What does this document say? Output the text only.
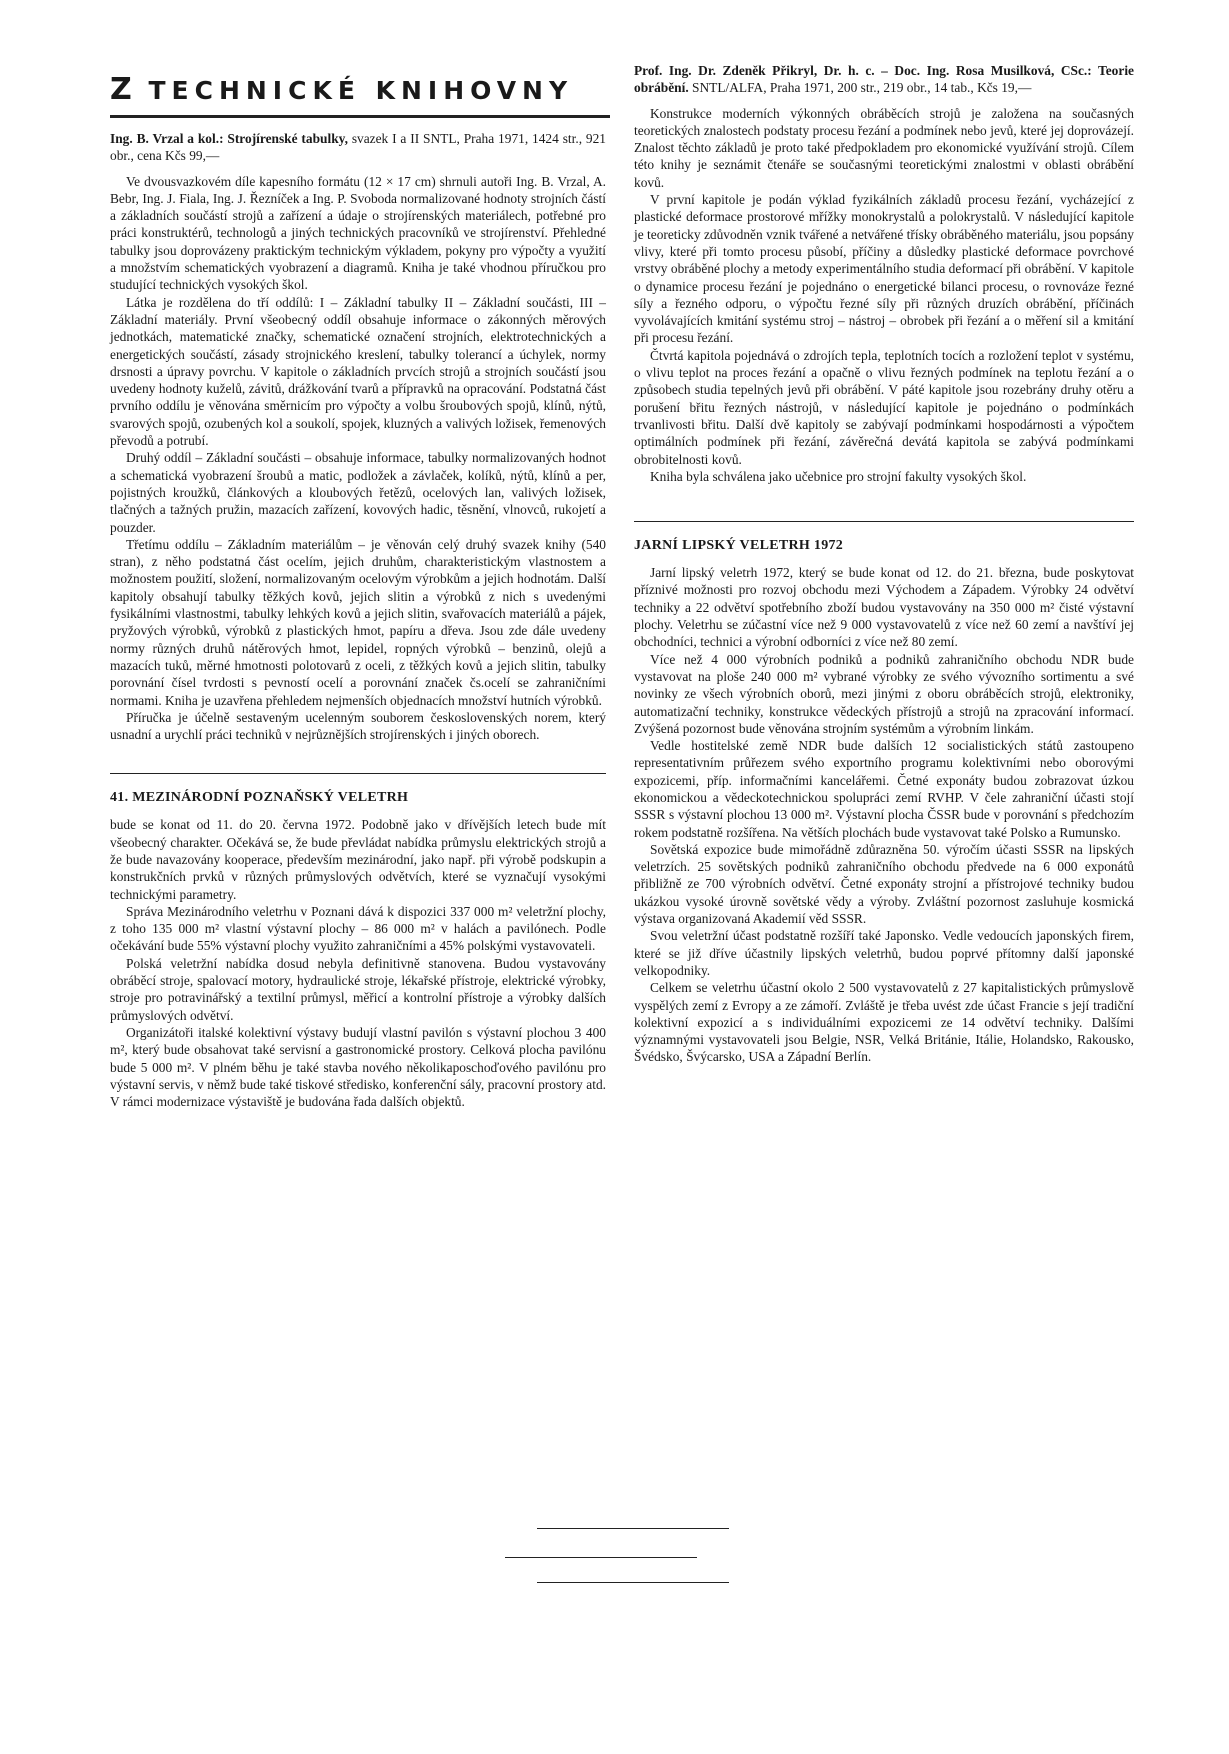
Z TECHNICKÉ KNIHOVNY

Ing. B. Vrzal a kol.: Strojírenské tabulky, svazek I a II SNTL, Praha 1971, 1424 str., 921 obr., cena Kčs 99,—

Ve dvousvazkovém díle kapesního formátu (12 × 17 cm) shrnuli autoři Ing. B. Vrzal, A. Bebr, Ing. J. Fiala, Ing. J. Řezníček a Ing. P. Svoboda normalizované hodnoty strojních částí a základních součástí strojů a zařízení a údaje o strojírenských materiálech, potřebné pro práci konstruktérů, technologů a jiných technických pracovníků ve strojírenství. Přehledné tabulky jsou doprovázeny praktickým technickým výkladem, pokyny pro výpočty a využití a množstvím schematických vyobrazení a diagramů. Kniha je také vhodnou příručkou pro studující technických vysokých škol.

Látka je rozdělena do tří oddílů: I – Základní tabulky II – Základní součásti, III – Základní materiály. První všeobecný oddíl obsahuje informace o zákonných měrových jednotkách, matematické značky, schematické označení strojních, elektrotechnických a energetických součástí, zásady strojnického kreslení, tabulky tolerancí a úchylek, normy drsnosti a úpravy povrchu. V kapitole o základních prvcích strojů a strojních součástí jsou uvedeny hodnoty kuželů, závitů, drážkování tvarů a přípravků na opracování. Podstatná část prvního oddílu je věnována směrnicím pro výpočty a volbu šroubových spojů, klínů, nýtů, svarových spojů, ozubených kol a soukolí, spojek, kluzných a valivých ložisek, řemenových převodů a potrubí.

Druhý oddíl – Základní součásti – obsahuje informace, tabulky normalizovaných hodnot a schematická vyobrazení šroubů a matic, podložek a závlaček, kolíků, nýtů, klínů a per, pojistných kroužků, článkových a kloubových řetězů, ocelových lan, valivých ložisek, tlačných a tažných pružin, mazacích zařízení, kovových hadic, těsnění, vlnovců, rukojetí a pouzder.

Třetímu oddílu – Základním materiálům – je věnován celý druhý svazek knihy (540 stran), z něho podstatná část ocelím, jejich druhům, charakteristickým vlastnostem a možnostem použití, složení, normalizovaným ocelovým výrobkům a jejich hodnotám. Další kapitoly obsahují tabulky těžkých kovů, jejich slitin a výrobků z nich s uvedenými fysikálními vlastnostmi, tabulky lehkých kovů a jejich slitin, svařovacích materiálů a pájek, pryžových výrobků, výrobků z plastických hmot, papíru a dřeva. Jsou zde dále uvedeny normy různých druhů nátěrových hmot, lepidel, ropných výrobků – benzinů, olejů a mazacích tuků, měrné hmotnosti polotovarů z oceli, z těžkých kovů a jejich slitin, tabulky porovnání čísel tvrdosti s pevností ocelí a porovnání značek čs.ocelí se zahraničními normami. Kniha je uzavřena přehledem nejmenších objednacích množství hutních výrobků.

Příručka je účelně sestaveným ucelenným souborem československých norem, který usnadní a urychlí práci techniků v nejrůznějších strojírenských i jiných oborech.

41. MEZINÁRODNÍ POZNAŇSKÝ VELETRH

bude se konat od 11. do 20. června 1972. Podobně jako v dřívějších letech bude mít všeobecný charakter. Očekává se, že bude převládat nabídka průmyslu elektrických strojů a že bude navazovány kooperace, především mezinárodní, jako např. při výrobě podskupin a konstrukčních prvků v různých průmyslových odvětvích, které se vyznačují vysokými technickými parametry.

Správa Mezinárodního veletrhu v Poznani dává k dispozici 337 000 m² veletržní plochy, z toho 135 000 m² vlastní výstavní plochy – 86 000 m² v halách a pavilónech. Podle očekávání bude 55% výstavní plochy využito zahraničními a 45% polskými vystavovateli.

Polská veletržní nabídka dosud nebyla definitivně stanovena. Budou vystavovány obráběcí stroje, spalovací motory, hydraulické stroje, lékařské přístroje, elektrické výrobky, stroje pro potravinářský a textilní průmysl, měřicí a kontrolní přístroje a výrobky dalších průmyslových odvětví.

Organizátoři italské kolektivní výstavy budují vlastní pavilón s výstavní plochou 3 400 m², který bude obsahovat také servisní a gastronomické prostory. Celková plocha pavilónu bude 5 000 m². V plném běhu je také stavba nového několikaposchoďového pavilónu pro výstavní servis, v němž bude také tiskové středisko, konferenční sály, pracovní prostory atd. V rámci modernizace výstaviště je budována řada dalších objektů.

Prof. Ing. Dr. Zdeněk Přikryl, Dr. h. c. – Doc. Ing. Rosa Musilková, CSc.: Teorie obrábění. SNTL/ALFA, Praha 1971, 200 str., 219 obr., 14 tab., Kčs 19,—

Konstrukce moderních výkonných obráběcích strojů je založena na současných teoretických znalostech podstaty procesu řezání a podmínek nebo jevů, které jej doprovázejí. Znalost těchto základů je proto také předpokladem pro ekonomické využívání strojů. Cílem této knihy je seznámit čtenáře se současnými teoretickými znalostmi v oblasti obrábění kovů.

V první kapitole je podán výklad fyzikálních základů procesu řezání, vycházející z plastické deformace prostorové mřížky monokrystalů a polokrystalů. V následující kapitole je teoreticky zdůvodněn vznik tvářené a netvářené třísky obráběného materiálu, jsou popsány vlivy, které při tomto procesu působí, příčiny a důsledky plastické deformace povrchové vrstvy obráběné plochy a metody experimentálního studia deformací při obrábění. V kapitole o dynamice procesu řezání je pojednáno o energetické bilanci procesu, o rovnováze řezné síly a řezného odporu, o výpočtu řezné síly při různých druzích obrábění, příčinách vyvolávajících kmitání systému stroj – nástroj – obrobek při řezání a o měření sil a kmitání při procesu řezání.

Čtvrtá kapitola pojednává o zdrojích tepla, teplotních tocích a rozložení teplot v systému, o vlivu teplot na proces řezání a opačně o vlivu řezných podmínek na teplotu řezání a o způsobech studia tepelných jevů při obrábění. V páté kapitole jsou rozebrány druhy otěru a porušení břitu řezných nástrojů, v následující kapitole je pojednáno o podmínkách trvanlivosti břitu. Další dvě kapitoly se zabývají podmínkami hospodárnosti a výpočtem optimálních podmínek při řezání, závěrečná devátá kapitola se zabývá podmínkami obrobitelnosti kovů.

Kniha byla schválena jako učebnice pro strojní fakulty vysokých škol.

JARNÍ LIPSKÝ VELETRH 1972

Jarní lipský veletrh 1972, který se bude konat od 12. do 21. března, bude poskytovat příznivé možnosti pro rozvoj obchodu mezi Východem a Západem. Výrobky 24 odvětví techniky a 22 odvětví spotřebního zboží budou vystavovány na 350 000 m² čisté výstavní plochy. Veletrhu se zúčastní více než 9 000 vystavovatelů z více než 60 zemí a navštíví jej obchodníci, technici a výrobní odborníci z více než 80 zemí.

Více než 4 000 výrobních podniků a podniků zahraničního obchodu NDR bude vystavovat na ploše 240 000 m² vybrané výrobky ze svého vývozního sortimentu a své novinky ze všech výrobních oborů, mezi jinými z oboru obráběcích strojů, elektroniky, automatizační techniky, konstrukce vědeckých přístrojů a strojů na zpracování informací. Zvýšená pozornost bude věnována strojním systémům a výrobním linkám.

Vedle hostitelské země NDR bude dalších 12 socialistických států zastoupeno representativním průřezem svého exportního programu kolektivními nebo oborovými expozicemi, příp. informačními kancelářemi. Četné exponáty budou zobrazovat úzkou ekonomickou a vědeckotechnickou spolupráci zemí RVHP. V čele zahraniční účasti stojí SSSR s výstavní plochou 13 000 m². Výstavní plocha ČSSR bude v porovnání s předchozím rokem podstatně rozšířena. Na větších plochách bude vystavovat také Polsko a Rumunsko.

Sovětská expozice bude mimořádně zdůrazněna 50. výročím účasti SSSR na lipských veletrzích. 25 sovětských podniků zahraničního obchodu předvede na 6 000 exponátů přibližně ze 700 výrobních odvětví. Četné exponáty strojní a přístrojové techniky budou ukázkou vysoké úrovně sovětské vědy a výroby. Zvláštní pozornost zasluhuje kosmická výstava organizovaná Akademií věd SSSR.

Svou veletržní účast podstatně rozšíří také Japonsko. Vedle vedoucích japonských firem, které se již dříve účastnily lipských veletrhů, budou poprvé přítomny další japonské velkopodniky.

Celkem se veletrhu účastní okolo 2 500 vystavovatelů z 27 kapitalistických průmyslově vyspělých zemí z Evropy a ze zámoří. Zvláště je třeba uvést zde účast Francie s její tradiční kolektivní expozicí a s individuálními expozicemi ze 14 odvětví techniky. Dalšími významnými vystavovateli jsou Belgie, NSR, Velká Británie, Itálie, Holandsko, Rakousko, Švédsko, Švýcarsko, USA a Západní Berlín.
